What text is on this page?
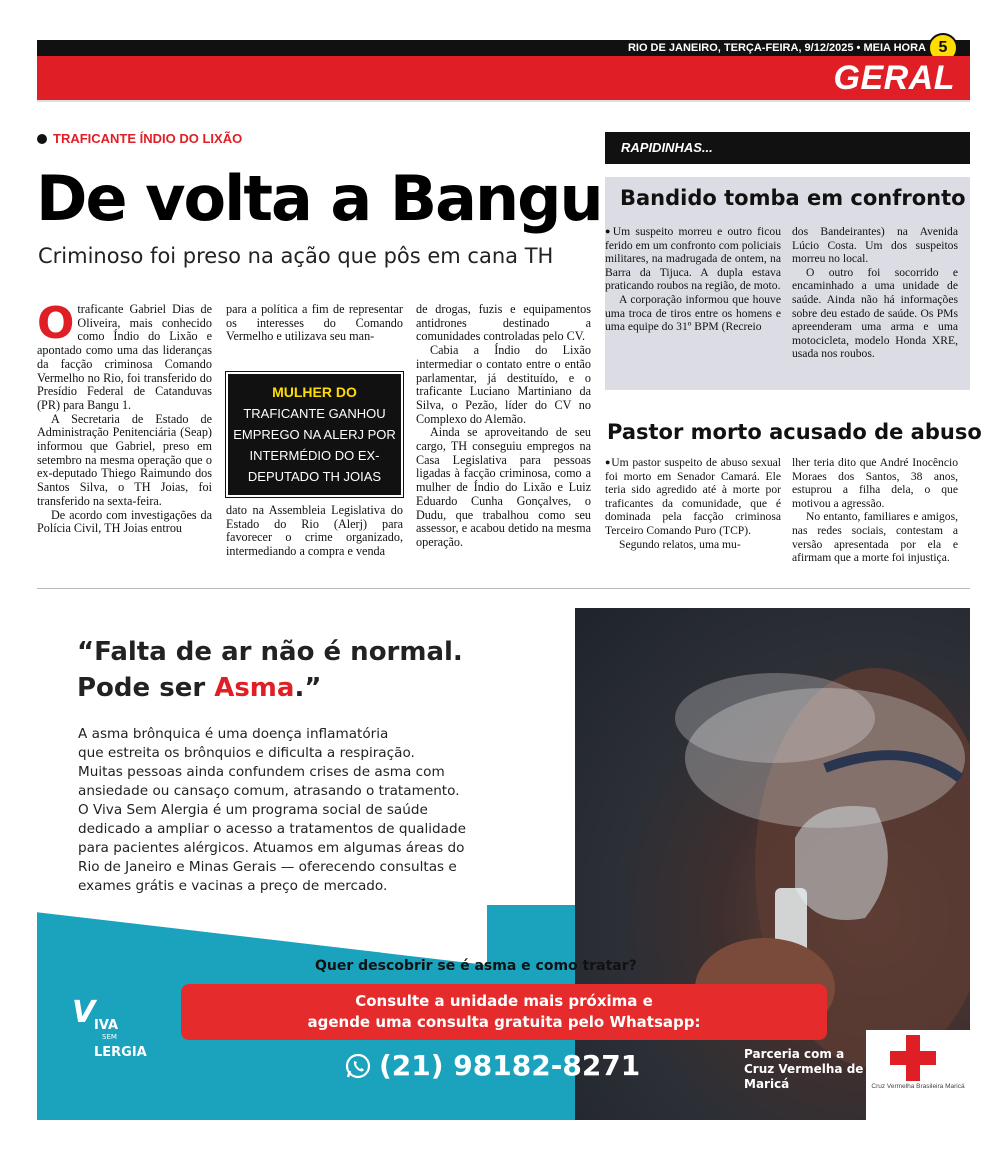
RIO DE JANEIRO, TERÇA-FEIRA, 9/12/2025 • MEIA HORA 5
GERAL
TRAFICANTE ÍNDIO DO LIXÃO
De volta a Bangu
Criminoso foi preso na ação que pôs em cana TH

Otraficante Gabriel Dias de Oliveira, mais conhecido como Índio do Lixão e apontado como uma das lideranças da facção criminosa Comando Vermelho no Rio, foi transferido do Presídio Federal de Catanduvas (PR) para Bangu 1.

A Secretaria de Estado de Administração Penitenciária (Seap) informou que Gabriel, preso em setembro na mesma operação que o ex-deputado Thiego Raimundo dos Santos Silva, o TH Joias, foi transferido na sexta-feira.

De acordo com investigações da Polícia Civil, TH Joias entrou

para a política a fim de representar os interesses do Comando Vermelho e utilizava seu man-

MULHER DO
TRAFICANTE GANHOU EMPREGO NA ALERJ POR INTERMÉDIO DO EX-DEPUTADO TH JOIAS

dato na Assembleia Legislativa do Estado do Rio (Alerj) para favorecer o crime organizado, intermediando a compra e venda

de drogas, fuzis e equipamentos antidrones destinado a comunidades controladas pelo CV.

Cabia a Índio do Lixão intermediar o contato entre o então parlamentar, já destituído, e o traficante Luciano Martiniano da Silva, o Pezão, líder do CV no Complexo do Alemão.

Ainda se aproveitando de seu cargo, TH conseguiu empregos na Casa Legislativa para pessoas ligadas à facção criminosa, como a mulher de Índio do Lixão e Luiz Eduardo Cunha Gonçalves, o Dudu, que trabalhou como seu assessor, e acabou detido na mesma operação.

RAPIDINHAS...
Bandido tomba em confronto

●Um suspeito morreu e outro ficou ferido em um confronto com policiais militares, na madrugada de ontem, na Barra da Tijuca. A dupla estava praticando roubos na região, de moto.

A corporação informou que houve uma troca de tiros entre os homens e uma equipe do 31º BPM (Recreio

dos Bandeirantes) na Avenida Lúcio Costa. Um dos suspeitos morreu no local.

O outro foi socorrido e encaminhado a uma unidade de saúde. Ainda não há informações sobre deu estado de saúde. Os PMs apreenderam uma arma e uma motocicleta, modelo Honda XRE, usada nos roubos.

Pastor morto acusado de abuso

●Um pastor suspeito de abuso sexual foi morto em Senador Camará. Ele teria sido agredido até à morte por traficantes da comunidade, que é dominada pela facção criminosa Terceiro Comando Puro (TCP).

Segundo relatos, uma mu-

lher teria dito que André Inocêncio Moraes dos Santos, 38 anos, estuprou a filha dela, o que motivou a agressão.

No entanto, familiares e amigos, nas redes sociais, contestam a versão apresentada por ela e afirmam que a morte foi injustiça.

“Falta de ar não é normal.
Pode ser Asma.”
A asma brônquica é uma doença inflamatória
que estreita os brônquios e dificulta a respiração.
Muitas pessoas ainda confundem crises de asma com
ansiedade ou cansaço comum, atrasando o tratamento.
O Viva Sem Alergia é um programa social de saúde
dedicado a ampliar o acesso a tratamentos de qualidade
para pacientes alérgicos. Atuamos em algumas áreas do
Rio de Janeiro e Minas Gerais — oferecendo consultas e
exames grátis e vacinas a preço de mercado.
Quer descobrir se é asma e como tratar?
Consulte a unidade mais próxima e
agende uma consulta gratuita pelo Whatsapp:
(21) 98182-8271
V
IVA
SEM
LERGIA	Parceria com a Cruz Vermelha de Maricá	Cruz Vermelha Brasileira Maricá
